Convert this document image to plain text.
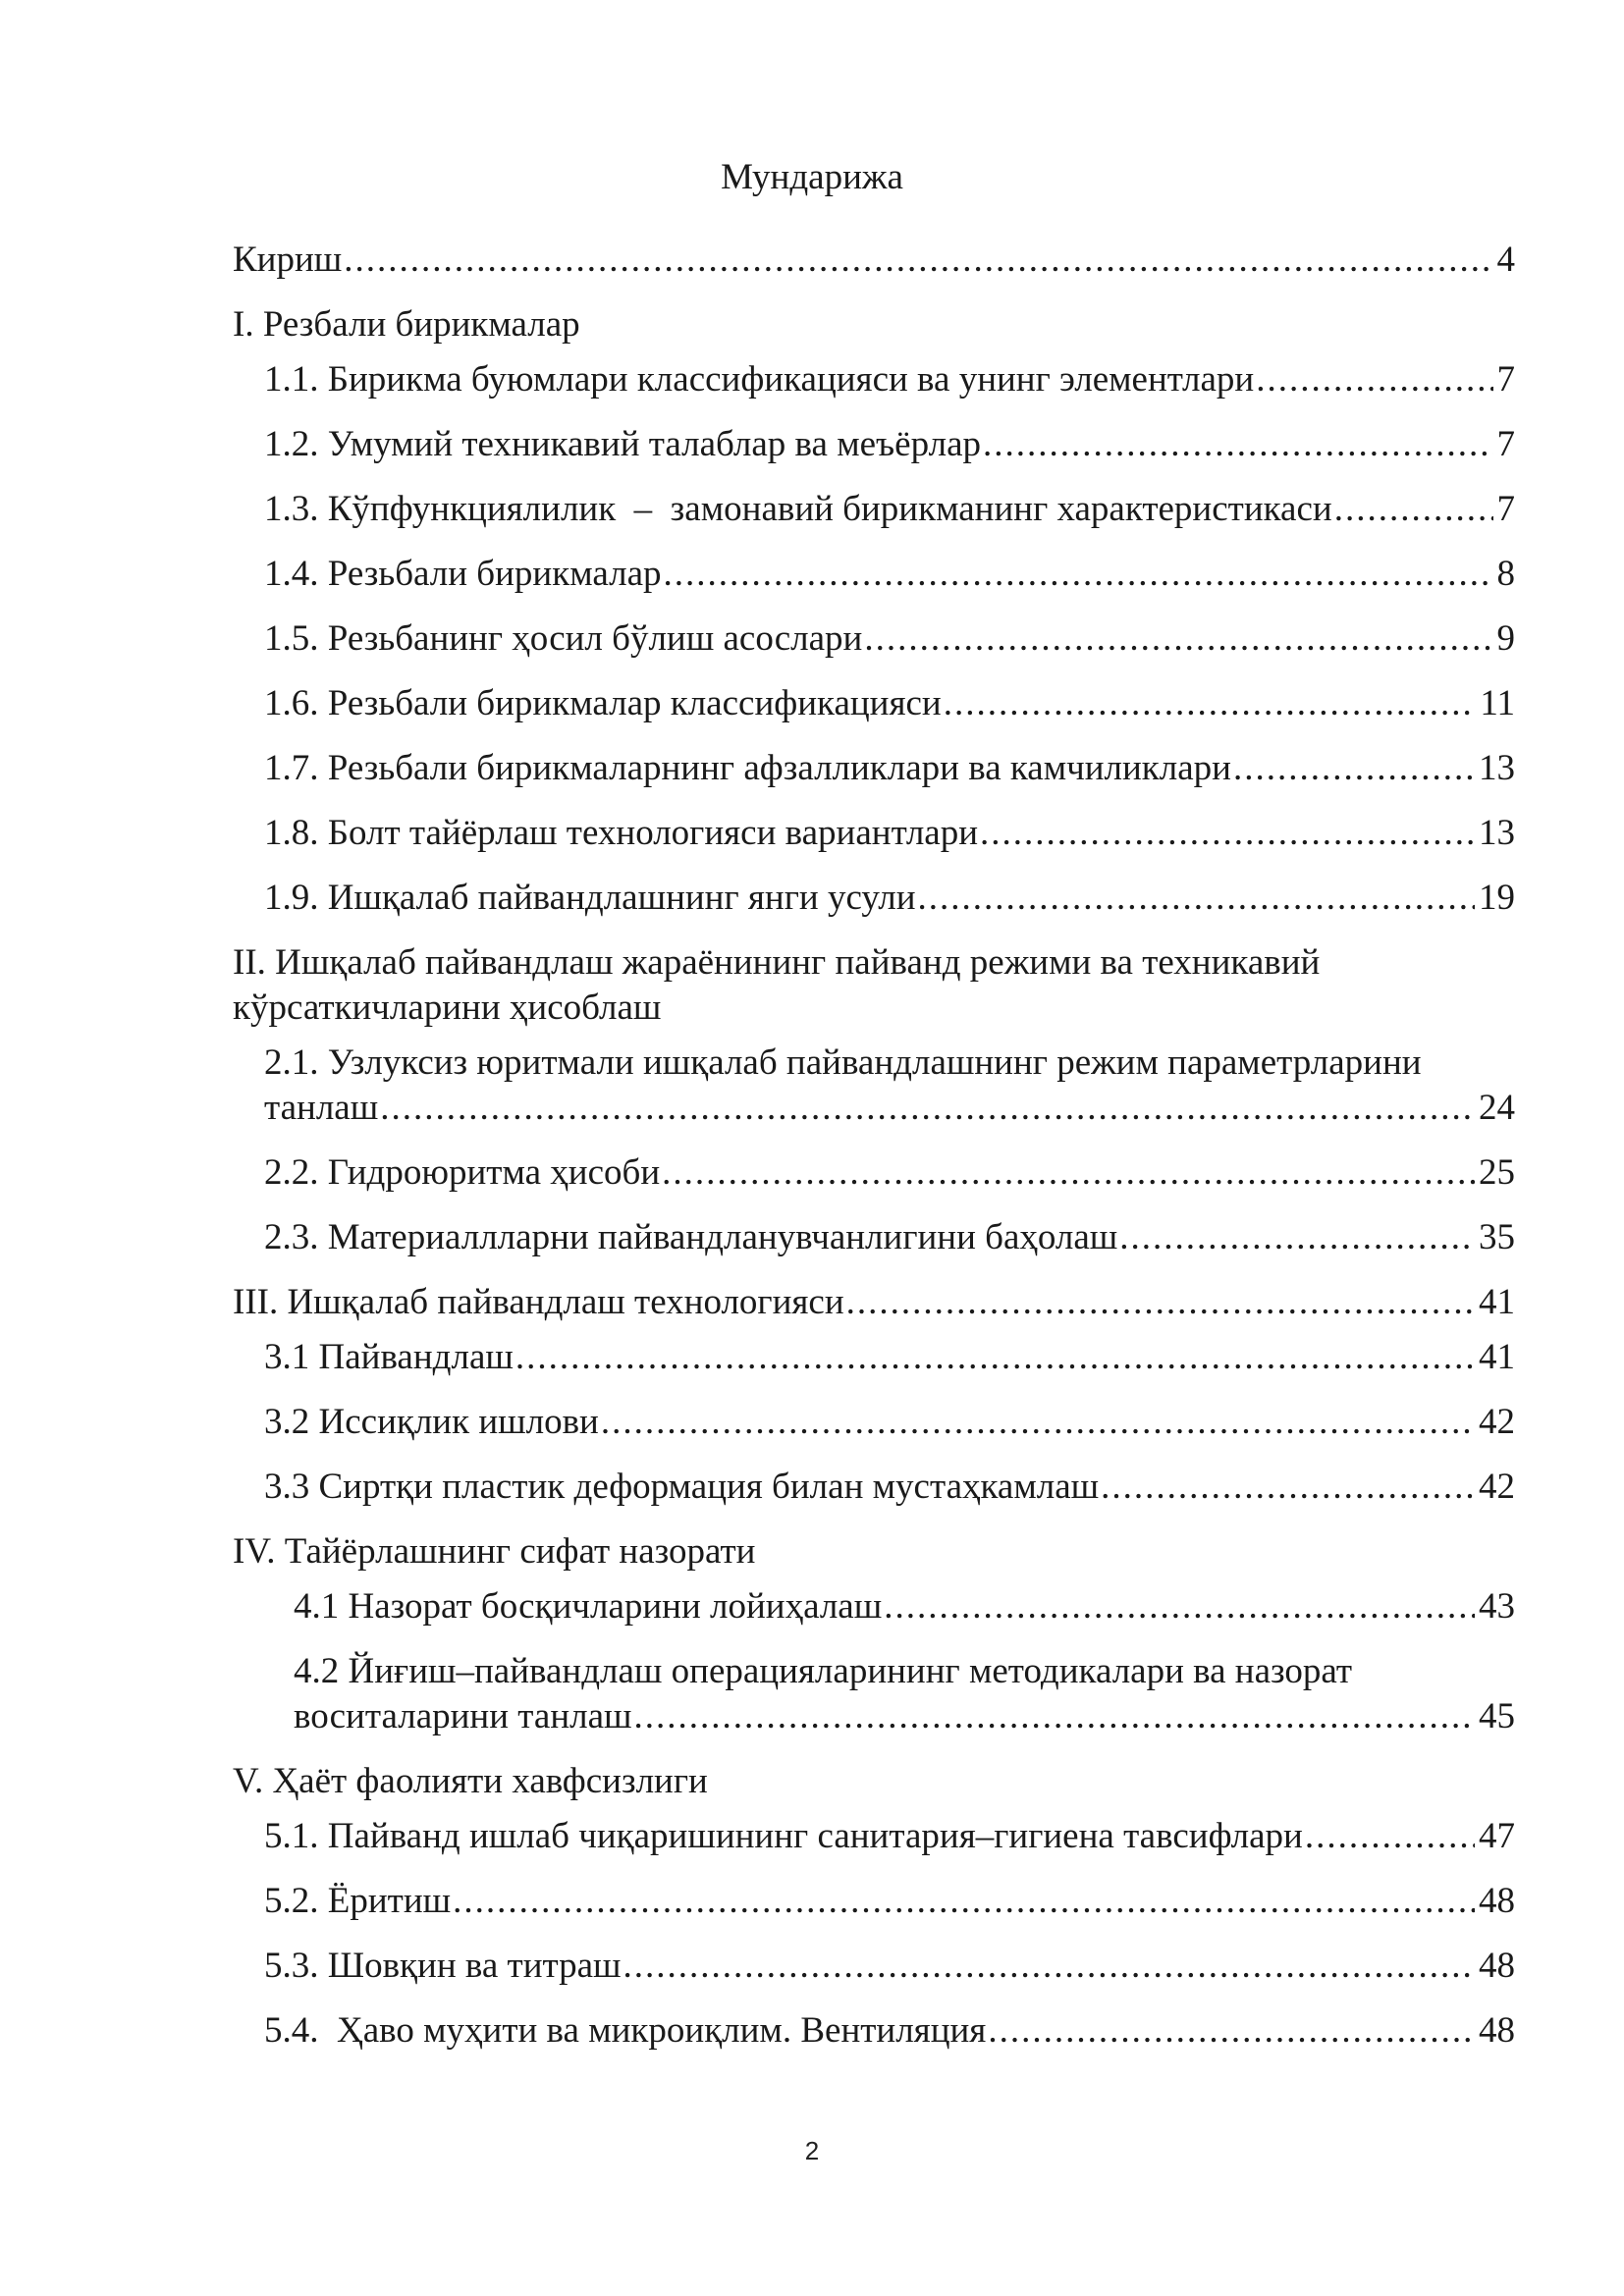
Мундарижа
Кириш .....	4
I. Резбали бирикмалар
1.1. Бирикма буюмлари классификацияси ва унинг элементлари .....	7
1.2. Умумий техникавий талаблар ва меъёрлар .....	7
1.3. Кўпфункциялилик  –  замонавий бирикманинг характеристикаси .....	7
1.4. Резьбали бирикмалар .....	8
1.5. Резьбанинг ҳосил бўлиш асослари .....	9
1.6. Резьбали бирикмалар классификацияси .....	11
1.7. Резьбали бирикмаларнинг афзалликлари ва камчиликлари .....	13
1.8. Болт тайёрлаш технологияси вариантлари .....	13
1.9. Ишқалаб пайвандлашнинг янги усули .....	19
II. Ишқалаб пайвандлаш жараёнининг пайванд режими ва техникавий
кўрсаткичларини ҳисоблаш
2.1. Узлуксиз юритмали ишқалаб пайвандлашнинг режим параметрларини
танлаш .....	24
2.2. Гидроюритма ҳисоби .....	25
2.3. Материаллларни пайвандланувчанлигини баҳолаш .....	35
III. Ишқалаб пайвандлаш технологияси .....	41
3.1 Пайвандлаш .....	41
3.2 Иссиқлик ишлови .....	42
3.3 Сиртқи пластик деформация билан мустаҳкамлаш .....	42
IV. Тайёрлашнинг сифат назорати
4.1 Назорат босқичларини лойиҳалаш .....	43
4.2 Йиғиш–пайвандлаш операцияларининг методикалари ва назорат
воситаларини танлаш .....	45
V. Ҳаёт фаолияти хавфсизлиги
5.1. Пайванд ишлаб чиқаришининг санитария–гигиена тавсифлари .....	47
5.2. Ёритиш .....	48
5.3. Шовқин ва титраш .....	48
5.4.  Ҳаво муҳити ва микроиқлим. Вентиляция .....	48
2
